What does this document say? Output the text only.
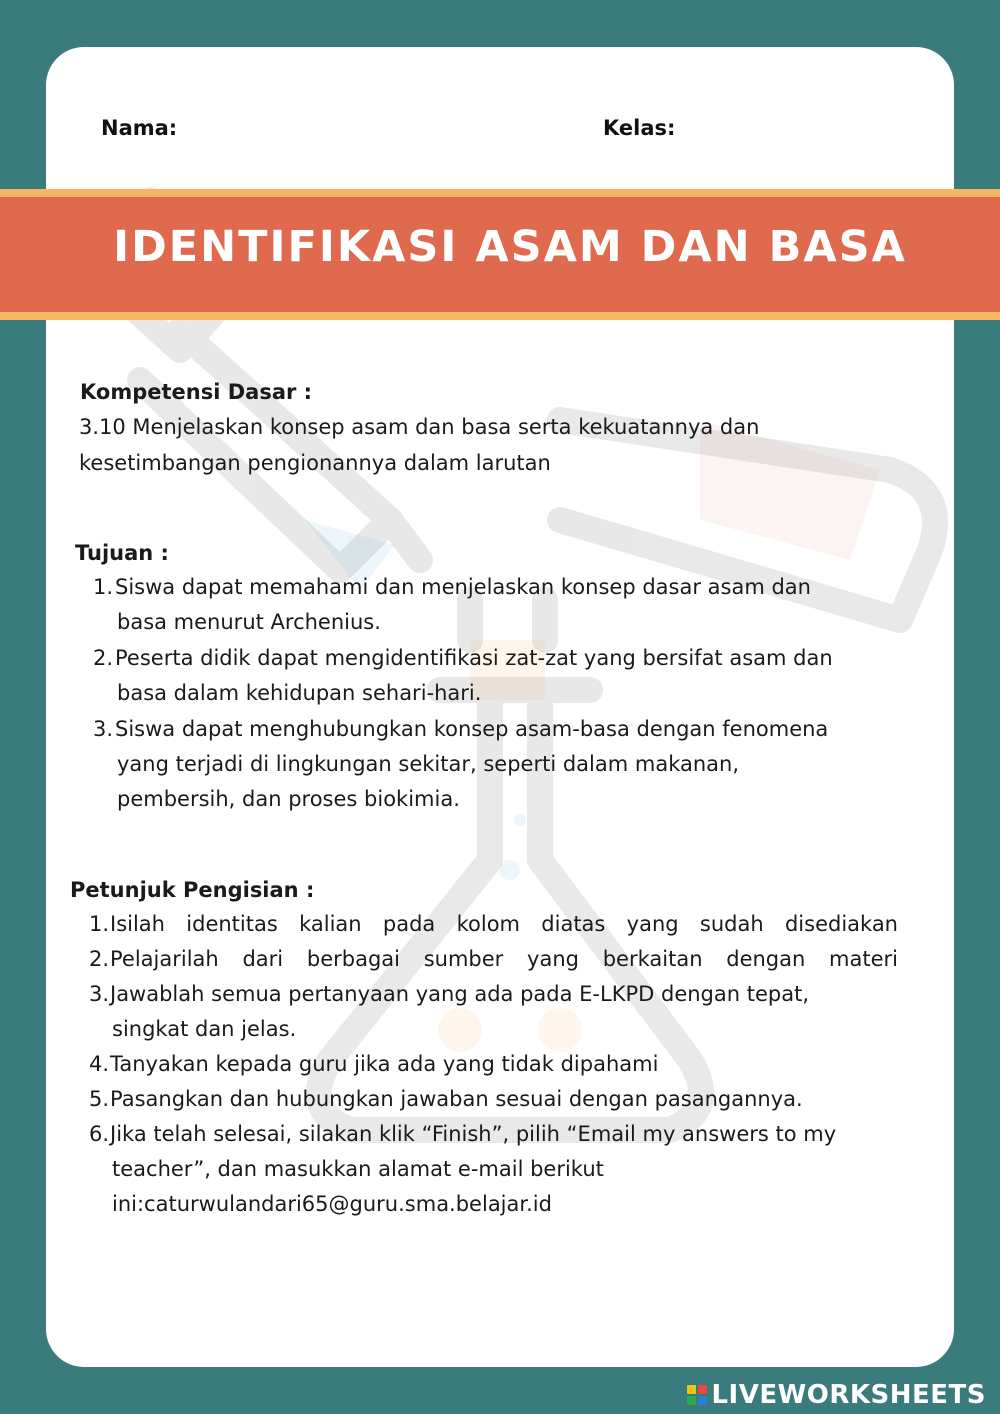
Nama:	Kelas:
IDENTIFIKASI ASAM DAN BASA
Kompetensi Dasar :
3.10 Menjelaskan konsep asam dan basa serta kekuatannya dan
kesetimbangan pengionannya dalam larutan
Tujuan :
1. Siswa dapat memahami dan menjelaskan konsep dasar asam dan
basa menurut Archenius.
2. Peserta didik dapat mengidentifikasi zat-zat yang bersifat asam dan
basa dalam kehidupan sehari-hari.
3. Siswa dapat menghubungkan konsep asam-basa dengan fenomena
yang terjadi di lingkungan sekitar, seperti dalam makanan,
pembersih, dan proses biokimia.
Petunjuk Pengisian :
1. Isilah identitas kalian pada kolom diatas yang sudah disediakan
2. Pelajarilah dari berbagai sumber yang berkaitan dengan materi
3. Jawablah semua pertanyaan yang ada pada E-LKPD dengan tepat,
singkat dan jelas.
4. Tanyakan kepada guru jika ada yang tidak dipahami
5. Pasangkan dan hubungkan jawaban sesuai dengan pasangannya.
6. Jika telah selesai, silakan klik “Finish”, pilih “Email my answers to my
teacher”, dan masukkan alamat e-mail berikut
ini:caturwulandari65@guru.sma.belajar.id
LIVEWORKSHEETS
